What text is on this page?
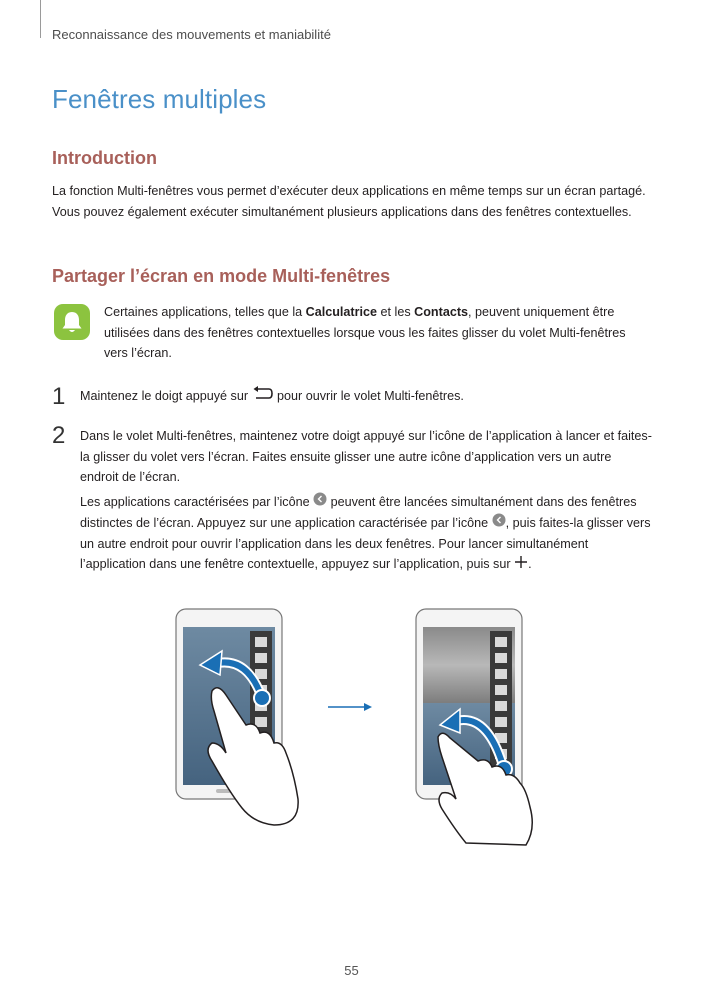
Reconnaissance des mouvements et maniabilité
Fenêtres multiples
Introduction

La fonction Multi-fenêtres vous permet d’exécuter deux applications en même temps sur un écran partagé. Vous pouvez également exécuter simultanément plusieurs applications dans des fenêtres contextuelles.

Partager l’écran en mode Multi-fenêtres

Certaines applications, telles que la Calculatrice et les Contacts, peuvent uniquement être utilisées dans des fenêtres contextuelles lorsque vous les faites glisser du volet Multi-fenêtres vers l’écran.

1 Maintenez le doigt appuyé sur  pour ouvrir le volet Multi-fenêtres.

2 Dans le volet Multi-fenêtres, maintenez votre doigt appuyé sur l’icône de l’application à lancer et faites-la glisser du volet vers l’écran. Faites ensuite glisser une autre icône d’application vers un autre endroit de l’écran.

Les applications caractérisées par l’icône  peuvent être lancées simultanément dans des fenêtres distinctes de l’écran. Appuyez sur une application caractérisée par l’icône , puis faites-la glisser vers un autre endroit pour ouvrir l’application dans les deux fenêtres. Pour lancer simultanément l’application dans une fenêtre contextuelle, appuyez sur l’application, puis sur .

55
